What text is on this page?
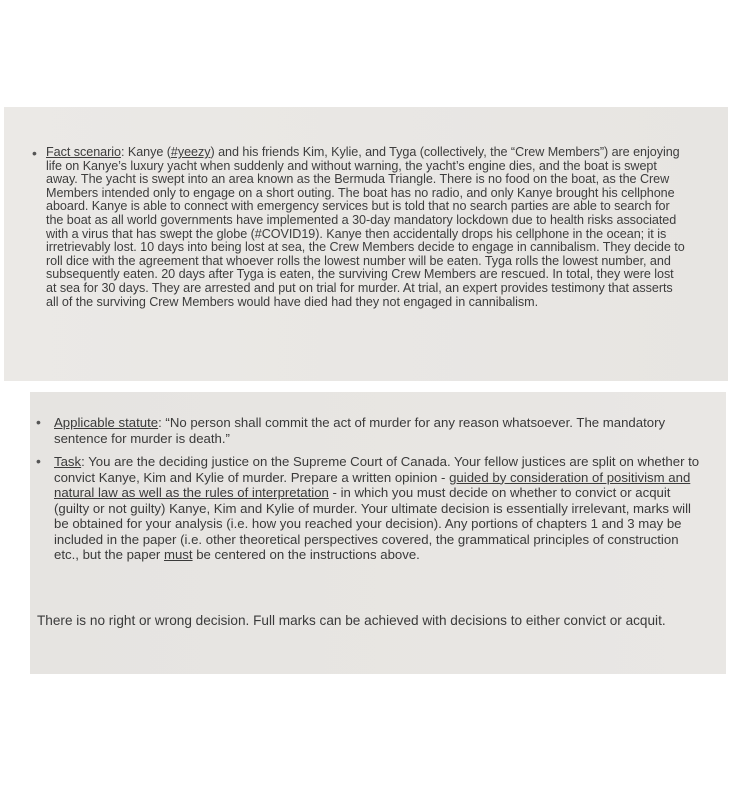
• Fact scenario: Kanye (#yeezy) and his friends Kim, Kylie, and Tyga (collectively, the “Crew Members”) are enjoying life on Kanye’s luxury yacht when suddenly and without warning, the yacht’s engine dies, and the boat is swept away. The yacht is swept into an area known as the Bermuda Triangle. There is no food on the boat, as the Crew Members intended only to engage on a short outing. The boat has no radio, and only Kanye brought his cellphone aboard. Kanye is able to connect with emergency services but is told that no search parties are able to search for the boat as all world governments have implemented a 30-day mandatory lockdown due to health risks associated with a virus that has swept the globe (#COVID19). Kanye then accidentally drops his cellphone in the ocean; it is irretrievably lost. 10 days into being lost at sea, the Crew Members decide to engage in cannibalism. They decide to roll dice with the agreement that whoever rolls the lowest number will be eaten. Tyga rolls the lowest number, and subsequently eaten. 20 days after Tyga is eaten, the surviving Crew Members are rescued. In total, they were lost at sea for 30 days. They are arrested and put on trial for murder. At trial, an expert provides testimony that asserts all of the surviving Crew Members would have died had they not engaged in cannibalism.
• Applicable statute: “No person shall commit the act of murder for any reason whatsoever. The mandatory sentence for murder is death.”
• Task: You are the deciding justice on the Supreme Court of Canada. Your fellow justices are split on whether to convict Kanye, Kim and Kylie of murder. Prepare a written opinion - guided by consideration of positivism and natural law as well as the rules of interpretation - in which you must decide on whether to convict or acquit (guilty or not guilty) Kanye, Kim and Kylie of murder. Your ultimate decision is essentially irrelevant, marks will be obtained for your analysis (i.e. how you reached your decision). Any portions of chapters 1 and 3 may be included in the paper (i.e. other theoretical perspectives covered, the grammatical principles of construction etc., but the paper must be centered on the instructions above.

There is no right or wrong decision. Full marks can be achieved with decisions to either convict or acquit.
